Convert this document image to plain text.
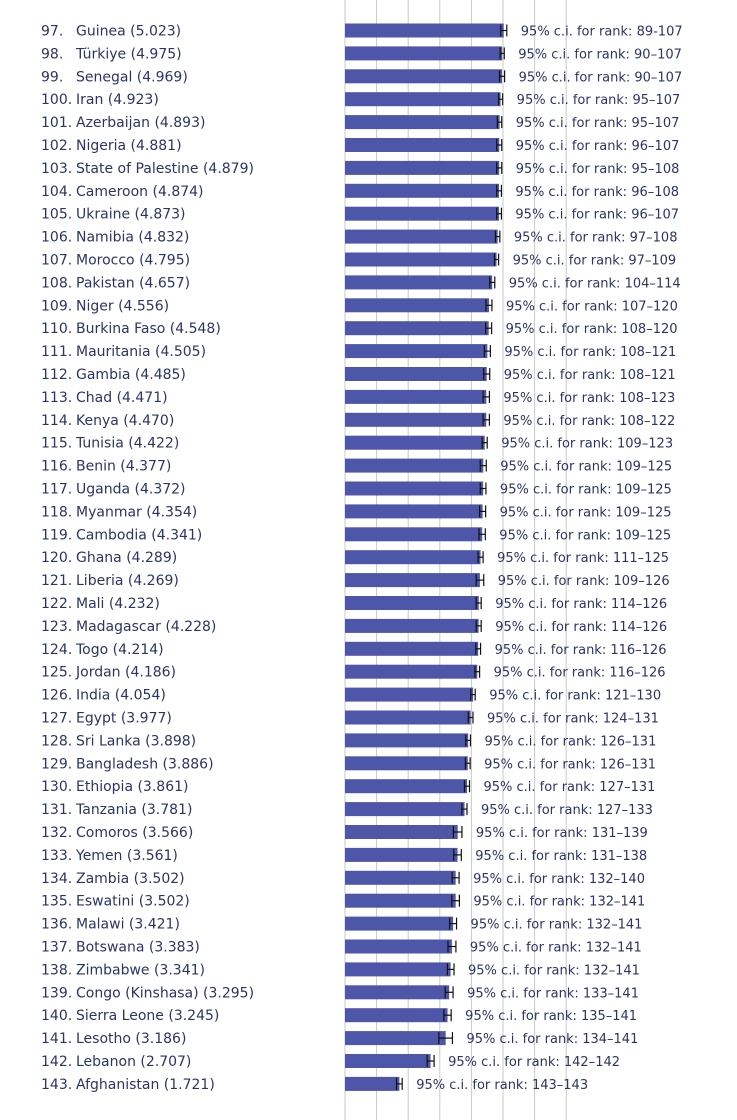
97. Guinea (5.023)	95% c.i. for rank: 89-107
98. Türkiye (4.975)	95% c.i. for rank: 90–107
99. Senegal (4.969)	95% c.i. for rank: 90–107
100. Iran (4.923)	95% c.i. for rank: 95–107
101. Azerbaijan (4.893)	95% c.i. for rank: 95–107
102. Nigeria (4.881)	95% c.i. for rank: 96–107
103. State of Palestine (4.879)	95% c.i. for rank: 95–108
104. Cameroon (4.874)	95% c.i. for rank: 96–108
105. Ukraine (4.873)	95% c.i. for rank: 96–107
106. Namibia (4.832)	95% c.i. for rank: 97–108
107. Morocco (4.795)	95% c.i. for rank: 97–109
108. Pakistan (4.657)	95% c.i. for rank: 104–114
109. Niger (4.556)	95% c.i. for rank: 107–120
110. Burkina Faso (4.548)	95% c.i. for rank: 108–120
111. Mauritania (4.505)	95% c.i. for rank: 108–121
112. Gambia (4.485)	95% c.i. for rank: 108–121
113. Chad (4.471)	95% c.i. for rank: 108–123
114. Kenya (4.470)	95% c.i. for rank: 108–122
115. Tunisia (4.422)	95% c.i. for rank: 109–123
116. Benin (4.377)	95% c.i. for rank: 109–125
117. Uganda (4.372)	95% c.i. for rank: 109–125
118. Myanmar (4.354)	95% c.i. for rank: 109–125
119. Cambodia (4.341)	95% c.i. for rank: 109–125
120. Ghana (4.289)	95% c.i. for rank: 111–125
121. Liberia (4.269)	95% c.i. for rank: 109–126
122. Mali (4.232)	95% c.i. for rank: 114–126
123. Madagascar (4.228)	95% c.i. for rank: 114–126
124. Togo (4.214)	95% c.i. for rank: 116–126
125. Jordan (4.186)	95% c.i. for rank: 116–126
126. India (4.054)	95% c.i. for rank: 121–130
127. Egypt (3.977)	95% c.i. for rank: 124–131
128. Sri Lanka (3.898)	95% c.i. for rank: 126–131
129. Bangladesh (3.886)	95% c.i. for rank: 126–131
130. Ethiopia (3.861)	95% c.i. for rank: 127–131
131. Tanzania (3.781)	95% c.i. for rank: 127–133
132. Comoros (3.566)	95% c.i. for rank: 131–139
133. Yemen (3.561)	95% c.i. for rank: 131–138
134. Zambia (3.502)	95% c.i. for rank: 132–140
135. Eswatini (3.502)	95% c.i. for rank: 132–141
136. Malawi (3.421)	95% c.i. for rank: 132–141
137. Botswana (3.383)	95% c.i. for rank: 132–141
138. Zimbabwe (3.341)	95% c.i. for rank: 132–141
139. Congo (Kinshasa) (3.295)	95% c.i. for rank: 133–141
140. Sierra Leone (3.245)	95% c.i. for rank: 135–141
141. Lesotho (3.186)	95% c.i. for rank: 134–141
142. Lebanon (2.707)	95% c.i. for rank: 142–142
143. Afghanistan (1.721)	95% c.i. for rank: 143–143
